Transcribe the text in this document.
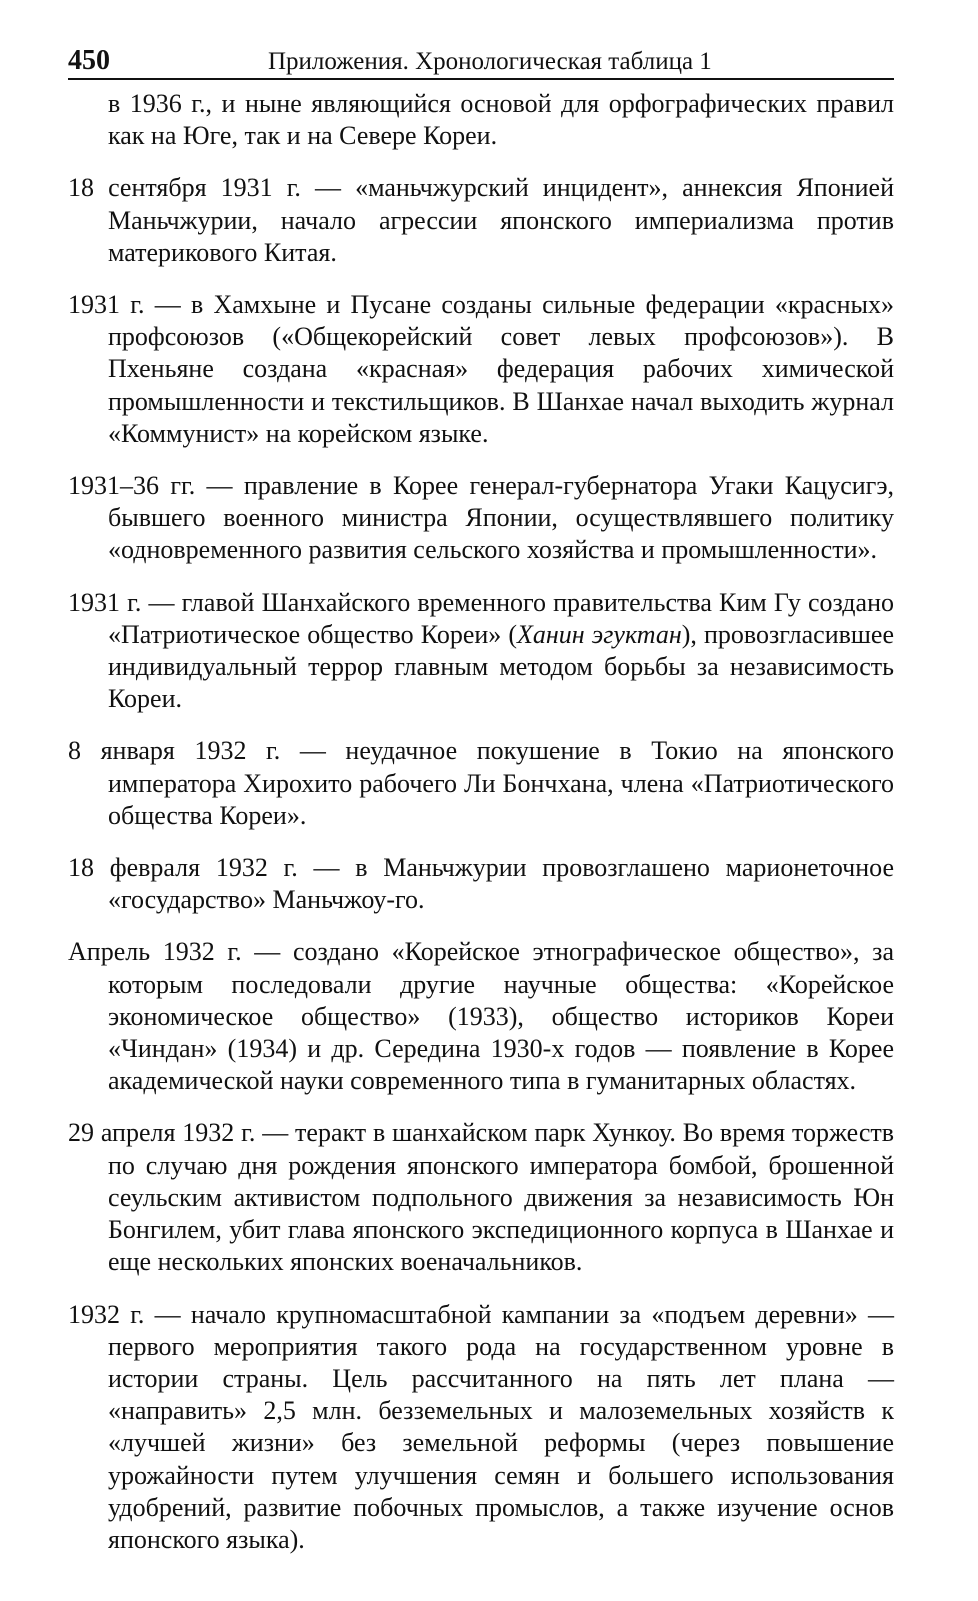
450	Приложения. Хронологическая таблица 1

в 1936 г., и ныне являющийся основой для орфографических правил как на Юге, так и на Севере Кореи.

18 сентября 1931 г. — «маньчжурский инцидент», аннексия Японией Маньчжурии, начало агрессии японского империализма против материкового Китая.

1931 г. — в Хамхыне и Пусане созданы сильные федерации «красных» профсоюзов («Общекорейский совет левых профсоюзов»). В Пхеньяне создана «красная» федерация рабочих химической промышленности и текстильщиков. В Шанхае начал выходить журнал «Коммунист» на корейском языке.

1931–36 гг. — правление в Корее генерал-губернатора Угаки Кацусигэ, бывшего военного министра Японии, осуществлявшего политику «одновременного развития сельского хозяйства и промышленности».

1931 г. — главой Шанхайского временного правительства Ким Гу создано «Патриотическое общество Кореи» (Ханин эгуктан), провозгласившее индивидуальный террор главным методом борьбы за независимость Кореи.

8 января 1932 г. — неудачное покушение в Токио на японского императора Хирохито рабочего Ли Бончхана, члена «Патриотического общества Кореи».

18 февраля 1932 г. — в Маньчжурии провозглашено марионеточное «государство» Маньчжоу-го.

Апрель 1932 г. — создано «Корейское этнографическое общество», за которым последовали другие научные общества: «Корейское экономическое общество» (1933), общество историков Кореи «Чиндан» (1934) и др. Середина 1930-х годов — появление в Корее академической науки современного типа в гуманитарных областях.

29 апреля 1932 г. — теракт в шанхайском парк Хункоу. Во время торжеств по случаю дня рождения японского императора бомбой, брошенной сеульским активистом подпольного движения за независимость Юн Бонгилем, убит глава японского экспедиционного корпуса в Шанхае и еще нескольких японских военачальников.

1932 г. — начало крупномасштабной кампании за «подъем деревни» — первого мероприятия такого рода на государственном уровне в истории страны. Цель рассчитанного на пять лет плана — «направить» 2,5 млн. безземельных и малоземельных хозяйств к «лучшей жизни» без земельной реформы (через повышение урожайности путем улучшения семян и большего использования удобрений, развитие побочных промыслов, а также изучение основ японского языка).
